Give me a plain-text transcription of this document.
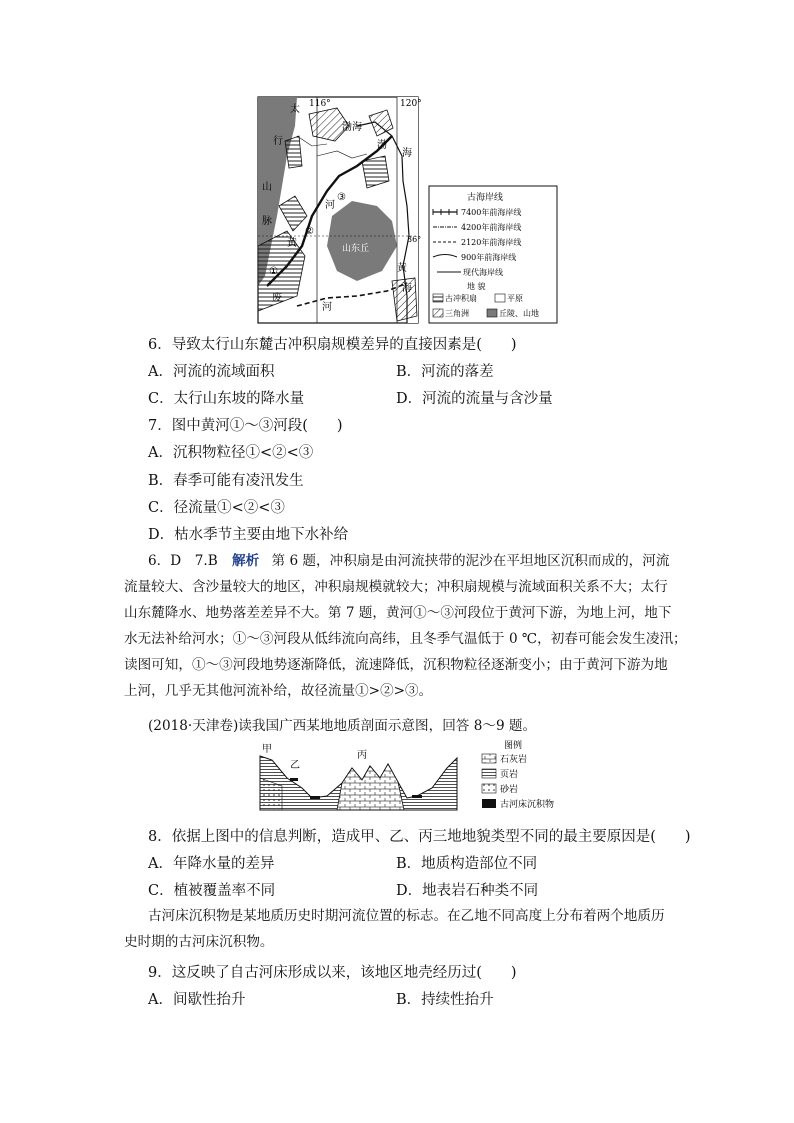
116°	120°
36°
太
行
山
脉
渤海
渤
海
山东丘
黄
海
河
黄
河
废
①
②
③	古海岸线
7400年前海岸线
4200年前海岸线
2120年前海岸线
900年前海岸线
现代海岸线
地 貌
古冲积扇	平原
三角洲	丘陵、山地
6．导致太行山东麓古冲积扇规模差异的直接因素是(　　)
A．河流的流域面积	B．河流的落差
C．太行山东坡的降水量	D．河流的流量与含沙量
7．图中黄河①～③河段(　　)
A．沉积物粒径①<②<③
B．春季可能有凌汛发生
C．径流量①<②<③
D．枯水季节主要由地下水补给
6．D　7.B 解析 第 6 题，冲积扇是由河流挟带的泥沙在平坦地区沉积而成的，河流
流量较大、含沙量较大的地区，冲积扇规模就较大；冲积扇规模与流域面积关系不大；太行
山东麓降水、地势落差差异不大。第 7 题，黄河①～③河段位于黄河下游，为地上河，地下
水无法补给河水；①～③河段从低纬流向高纬，且冬季气温低于 0 ℃，初春可能会发生凌汛；
读图可知，①～③河段地势逐渐降低，流速降低，沉积物粒径逐渐变小；由于黄河下游为地
上河，几乎无其他河流补给，故径流量①>②>③。
(2018·天津卷)读我国广西某地地质剖面示意图，回答 8～9 题。
甲
乙
丙
图例
石灰岩
页岩
砂岩
古河床沉积物
8．依据上图中的信息判断，造成甲、乙、丙三地地貌类型不同的最主要原因是(　　)
A．年降水量的差异	B．地质构造部位不同
C．植被覆盖率不同	D．地表岩石种类不同
古河床沉积物是某地质历史时期河流位置的标志。在乙地不同高度上分布着两个地质历
史时期的古河床沉积物。
9．这反映了自古河床形成以来，该地区地壳经历过(　　)
A．间歇性抬升	B．持续性抬升
